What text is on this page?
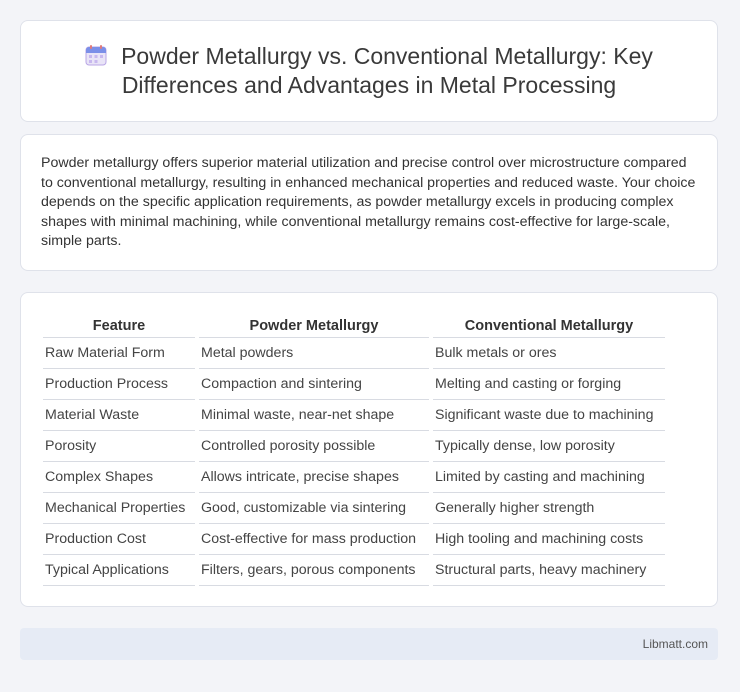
Powder Metallurgy vs. Conventional Metallurgy: Key Differences and Advantages in Metal Processing

Powder metallurgy offers superior material utilization and precise control over microstructure compared to conventional metallurgy, resulting in enhanced mechanical properties and reduced waste. Your choice depends on the specific application requirements, as powder metallurgy excels in producing complex shapes with minimal machining, while conventional metallurgy remains cost-effective for large-scale, simple parts.

Feature	Powder Metallurgy	Conventional Metallurgy
Raw Material Form	Metal powders	Bulk metals or ores
Production Process	Compaction and sintering	Melting and casting or forging
Material Waste	Minimal waste, near-net shape	Significant waste due to machining
Porosity	Controlled porosity possible	Typically dense, low porosity
Complex Shapes	Allows intricate, precise shapes	Limited by casting and machining
Mechanical Properties	Good, customizable via sintering	Generally higher strength
Production Cost	Cost-effective for mass production	High tooling and machining costs
Typical Applications	Filters, gears, porous components	Structural parts, heavy machinery
Libmatt.com
